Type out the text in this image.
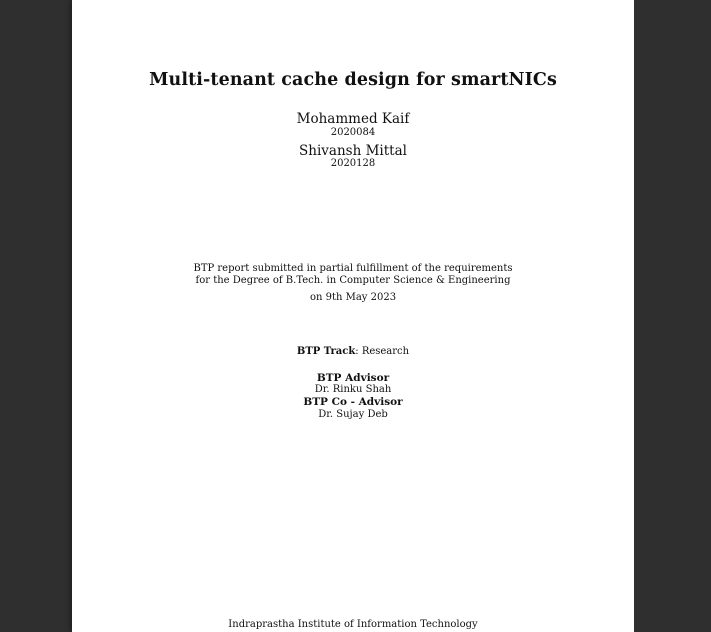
Multi-tenant cache design for smartNICs
Mohammed Kaif
2020084
Shivansh Mittal
2020128
BTP report submitted in partial fulfillment of the requirements
for the Degree of B.Tech. in Computer Science & Engineering
on 9th May 2023
BTP Track: Research
BTP Advisor
Dr. Rinku Shah
BTP Co - Advisor
Dr. Sujay Deb
Indraprastha Institute of Information Technology
